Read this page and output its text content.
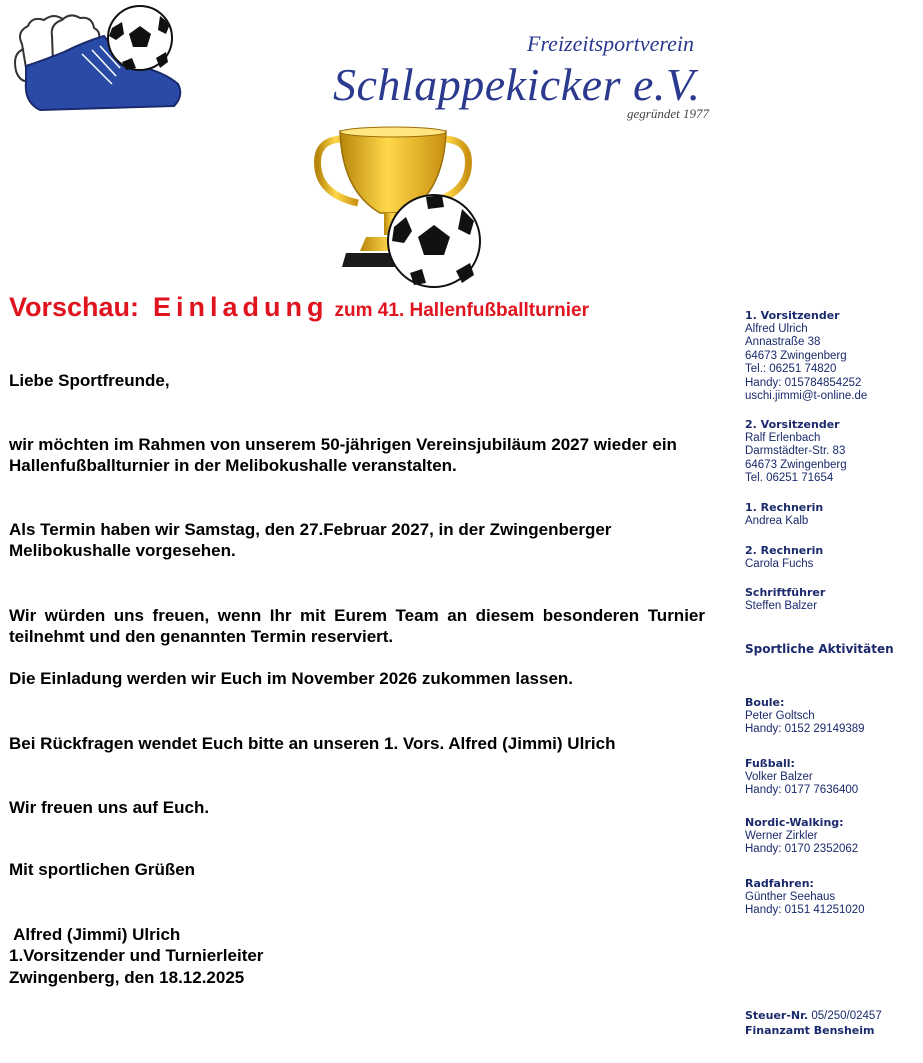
Freizeitsportverein
Schlappekicker e.V.
gegründet 1977
Vorschau: Einladung zum 41. Hallenfußballturnier
Liebe Sportfreunde,
wir möchten im Rahmen von unserem 50-jährigen Vereinsjubiläum 2027 wieder ein Hallenfußballturnier in der Melibokushalle veranstalten.
Als Termin haben wir Samstag, den 27.Februar 2027, in der Zwingenberger Melibokushalle vorgesehen.
Wir würden uns freuen, wenn Ihr mit Eurem Team an diesem besonderen Turnier teilnehmt und den genannten Termin reserviert.
Die Einladung werden wir Euch im November 2026 zukommen lassen.
Bei Rückfragen wendet Euch bitte an unseren 1. Vors. Alfred (Jimmi) Ulrich
Wir freuen uns auf Euch.
Mit sportlichen Grüßen
Alfred (Jimmi) Ulrich
1.Vorsitzender und Turnierleiter
Zwingenberg, den 18.12.2025
1. Vorsitzender
Alfred Ulrich
Annastraße 38
64673 Zwingenberg
Tel.: 06251 74820
Handy: 015784854252
uschi.jimmi@t-online.de
2. Vorsitzender
Ralf Erlenbach
Darmstädter-Str. 83
64673 Zwingenberg
Tel. 06251 71654
1. Rechnerin
Andrea Kalb
2. Rechnerin
Carola Fuchs
Schriftführer
Steffen Balzer
Sportliche Aktivitäten
Boule:
Peter Goltsch
Handy: 0152 29149389
Fußball:
Volker Balzer
Handy: 0177 7636400
Nordic-Walking:
Werner Zirkler
Handy: 0170 2352062
Radfahren:
Günther Seehaus
Handy: 0151 41251020
Steuer-Nr. 05/250/02457
Finanzamt Bensheim
